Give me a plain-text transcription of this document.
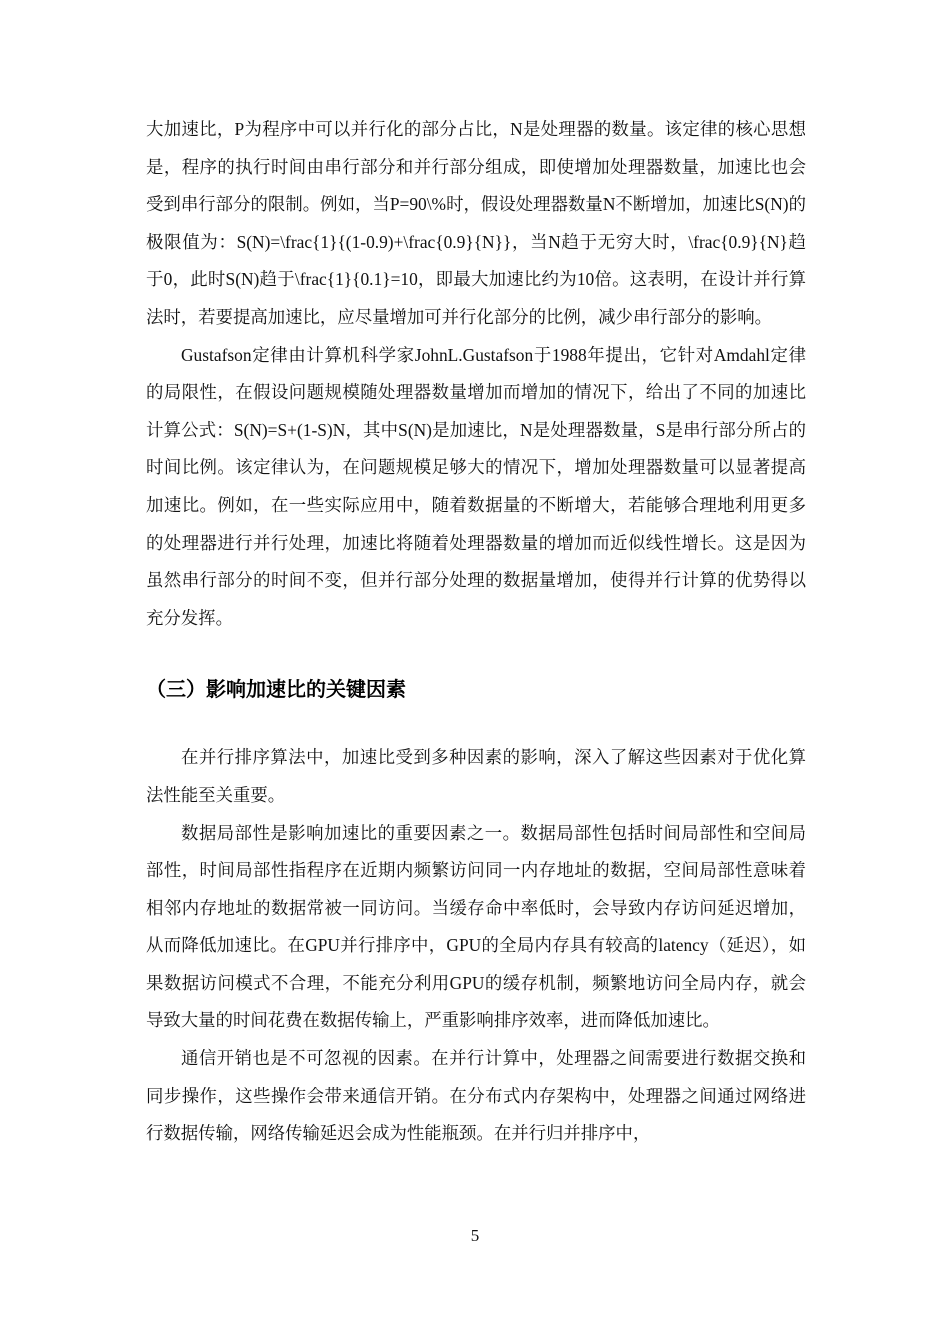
大加速比，P为程序中可以并行化的部分占比，N是处理器的数量。该定律的核心思想是，程序的执行时间由串行部分和并行部分组成，即使增加处理器数量，加速比也会受到串行部分的限制。例如，当P=90\%时，假设处理器数量N不断增加，加速比S(N)的极限值为：S(N)=\frac{1}{(1-0.9)+\frac{0.9}{N}}，当N趋于无穷大时，\frac{0.9}{N}趋于0，此时S(N)趋于\frac{1}{0.1}=10，即最大加速比约为10倍。这表明，在设计并行算法时，若要提高加速比，应尽量增加可并行化部分的比例，减少串行部分的影响。

Gustafson定律由计算机科学家JohnL.Gustafson于1988年提出，它针对Amdahl定律的局限性，在假设问题规模随处理器数量增加而增加的情况下，给出了不同的加速比计算公式：S(N)=S+(1-S)N，其中S(N)是加速比，N是处理器数量，S是串行部分所占的时间比例。该定律认为，在问题规模足够大的情况下，增加处理器数量可以显著提高加速比。例如，在一些实际应用中，随着数据量的不断增大，若能够合理地利用更多的处理器进行并行处理，加速比将随着处理器数量的增加而近似线性增长。这是因为虽然串行部分的时间不变，但并行部分处理的数据量增加，使得并行计算的优势得以充分发挥。

（三）影响加速比的关键因素

在并行排序算法中，加速比受到多种因素的影响，深入了解这些因素对于优化算法性能至关重要。

数据局部性是影响加速比的重要因素之一。数据局部性包括时间局部性和空间局部性，时间局部性指程序在近期内频繁访问同一内存地址的数据，空间局部性意味着相邻内存地址的数据常被一同访问。当缓存命中率低时，会导致内存访问延迟增加，从而降低加速比。在GPU并行排序中，GPU的全局内存具有较高的latency（延迟），如果数据访问模式不合理，不能充分利用GPU的缓存机制，频繁地访问全局内存，就会导致大量的时间花费在数据传输上，严重影响排序效率，进而降低加速比。

通信开销也是不可忽视的因素。在并行计算中，处理器之间需要进行数据交换和同步操作，这些操作会带来通信开销。在分布式内存架构中，处理器之间通过网络进行数据传输，网络传输延迟会成为性能瓶颈。在并行归并排序中，

5
